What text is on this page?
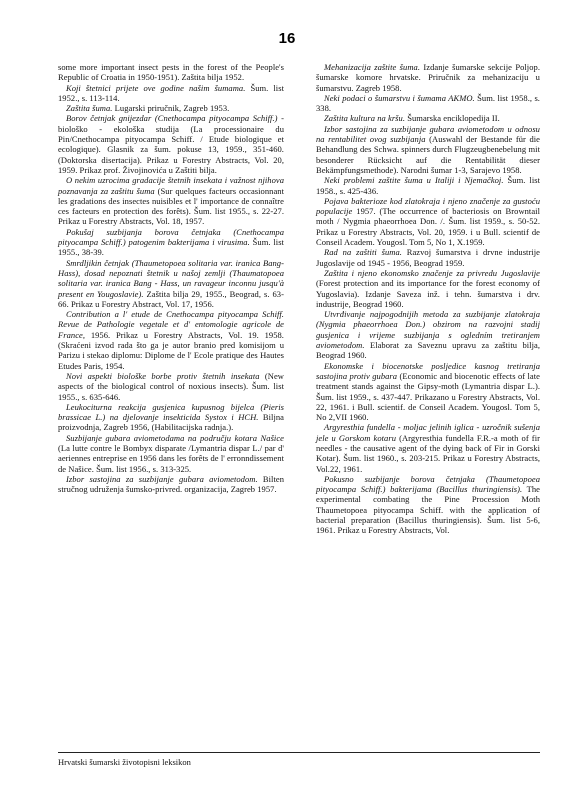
16

some more important insect pests in the forest of the People's Republic of Croatia in 1950-1951). Zaštita bilja 1952.

Koji štetnici prijete ove godine našim šumama. Šum. list 1952., s. 113-114.

Zaštita šuma. Lugarski priručnik, Zagreb 1953.

Borov četnjak gnijezdar (Cnethocampa pityocampa Schiff.) - biološko - ekološka studija (La processionaire du Pin/Cnethocampa pityocampa Schiff. / Etude biologique et ecologique). Glasnik za šum. pokuse 13, 1959., 351-460. (Doktorska disertacija). Prikaz u Forestry Abstracts, Vol. 20, 1959. Prikaz prof. Živojinovića u Zaštiti bilja.

O nekim uzrocima gradacije štetnih insekata i važnost njihova poznavanja za zaštitu šuma (Sur quelques facteurs occasionnant les gradations des insectes nuisibles et l' importance de connaître ces facteurs en protection des forêts). Šum. list 1955., s. 22-27. Prikaz u Forestry Abstracts, Vol. 18, 1957.

Pokušaj suzbijanja borova četnjaka (Cnethocampa pityocampa Schiff.) patogenim bakterijama i virusima. Šum. list 1955., 38-39.

Smrdljikin četnjak (Thaumetopoea solitaria var. iranica Bang-Hass), dosad nepoznati štetnik u našoj zemlji (Thaumatopoea solitaria var. iranica Bang - Hass, un ravageur inconnu jusqu'à present en Yougoslavie). Zaštita bilja 29, 1955., Beograd, s. 63-66. Prikaz u Forestry Abstract, Vol. 17, 1956.

Contribution a l' etude de Cnethocampa pityocampa Schiff. Revue de Pathologie vegetale et d' entomologie agricole de France, 1956. Prikaz u Forestry Abstracts, Vol. 19. 1958. (Skraćeni izvod rada što ga je autor branio pred komisijom u Parizu i stekao diplomu: Diplome de l' Ecole pratique des Hautes Etudes Paris, 1954.

Novi aspekti biološke borbe protiv štetnih insekata (New aspects of the biological control of noxious insects). Šum. list 1955., s. 635-646.

Leukociturna reakcija gusjenica kupusnog bijelca (Pieris brassicae L.) na djelovanje insekticida Systox i HCH. Biljna proizvodnja, Zagreb 1956, (Habilitacijska radnja.).

Suzbijanje gubara aviometodama na području kotara Našice (La lutte contre le Bombyx disparate /Lymantria dispar L./ par d' aeriennes entreprise en 1956 dans les forêts de l' erronndissement de Našice. Šum. list 1956., s. 313-325.

Izbor sastojina za suzbijanje gubara aviometodom. Bilten stručnog udruženja šumsko-privred. organizacija, Zagreb 1957.

Mehanizacija zaštite šuma. Izdanje šumarske sekcije Poljop. šumarske komore hrvatske. Priručnik za mehanizaciju u šumarstvu. Zagreb 1958.

Neki podaci o šumarstvu i šumama AKMO. Šum. list 1958., s. 338.

Zaštita kultura na kršu. Šumarska enciklopedija II.

Izbor sastojina za suzbijanje gubara aviometodom u odnosu na rentabilitet ovog suzbijanja (Auswahl der Bestande für die Behandlung des Schwa. spinners durch Flugzeugbenebelung mit besonderer Rücksicht auf die Rentabilität dieser Bekämpfungsmethode). Narodni šumar 1-3, Sarajevo 1958.

Neki problemi zaštite šuma u Italiji i Njemačkoj. Šum. list 1958., s. 425-436.

Pojava bakterioze kod zlatokraja i njeno značenje za gustoću populacije 1957. (The occurrence of bacteriosis on Browntail moth / Nygmia phaeorrhoea Don. /. Šum. list 1959., s. 50-52. Prikaz u Forestry Abstracts, Vol. 20, 1959. i u Bull. scientif de Conseil Academ. Yougosl. Tom 5, No 1, X.1959.

Rad na zaštiti šuma. Razvoj šumarstva i drvne industrije Jugoslavije od 1945 - 1956, Beograd 1959.

Zaštita i njeno ekonomsko značenje za privredu Jugoslavije (Forest protection and its importance for the forest economy of Yugoslavia). Izdanje Saveza inž. i tehn. šumarstva i drv. industrije, Beograd 1960.

Utvrđivanje najpogodnijih metoda za suzbijanje zlatokraja (Nygmia phaeorrhoea Don.) obzirom na razvojni stadij gusjenica i vrijeme suzbijanja s ogledním tretiranjem aviometodom. Elaborat za Saveznu upravu za zaštitu bilja, Beograd 1960.

Ekonomske i biocenotske posljedice kasnog tretiranja sastojina protiv gubara (Economic and biocenotic effects of late treatment stands against the Gipsy-moth (Lymantria dispar L.). Šum. list 1959., s. 437-447. Prikazano u Forestry Abstracts, Vol. 22, 1961. i Bull. scientif. de Conseil Academ. Yougosl. Tom 5, No 2,VII 1960.

Argyresthia fundella - moljac jelinih iglica - uzročnik sušenja jele u Gorskom kotaru (Argyresthia fundella F.R.-a moth of fir needles - the causative agent of the dying back of Fir in Gorski Kotar). Šum. list 1960., s. 203-215. Prikaz u Forestry Abstracts, Vol.22, 1961.

Pokusno suzbijanje borova četnjaka (Thaumetopoea pityocampa Schiff.) bakterijama (Bacillus thuringiensis). The experimental combating the Pine Procession Moth Thaumetopoea pityocampa Schiff. with the application of bacterial preparation (Bacillus thuringiensis). Šum. list 5-6, 1961. Prikaz u Forestry Abstracts, Vol.

Hrvatski šumarski životopisni leksikon
